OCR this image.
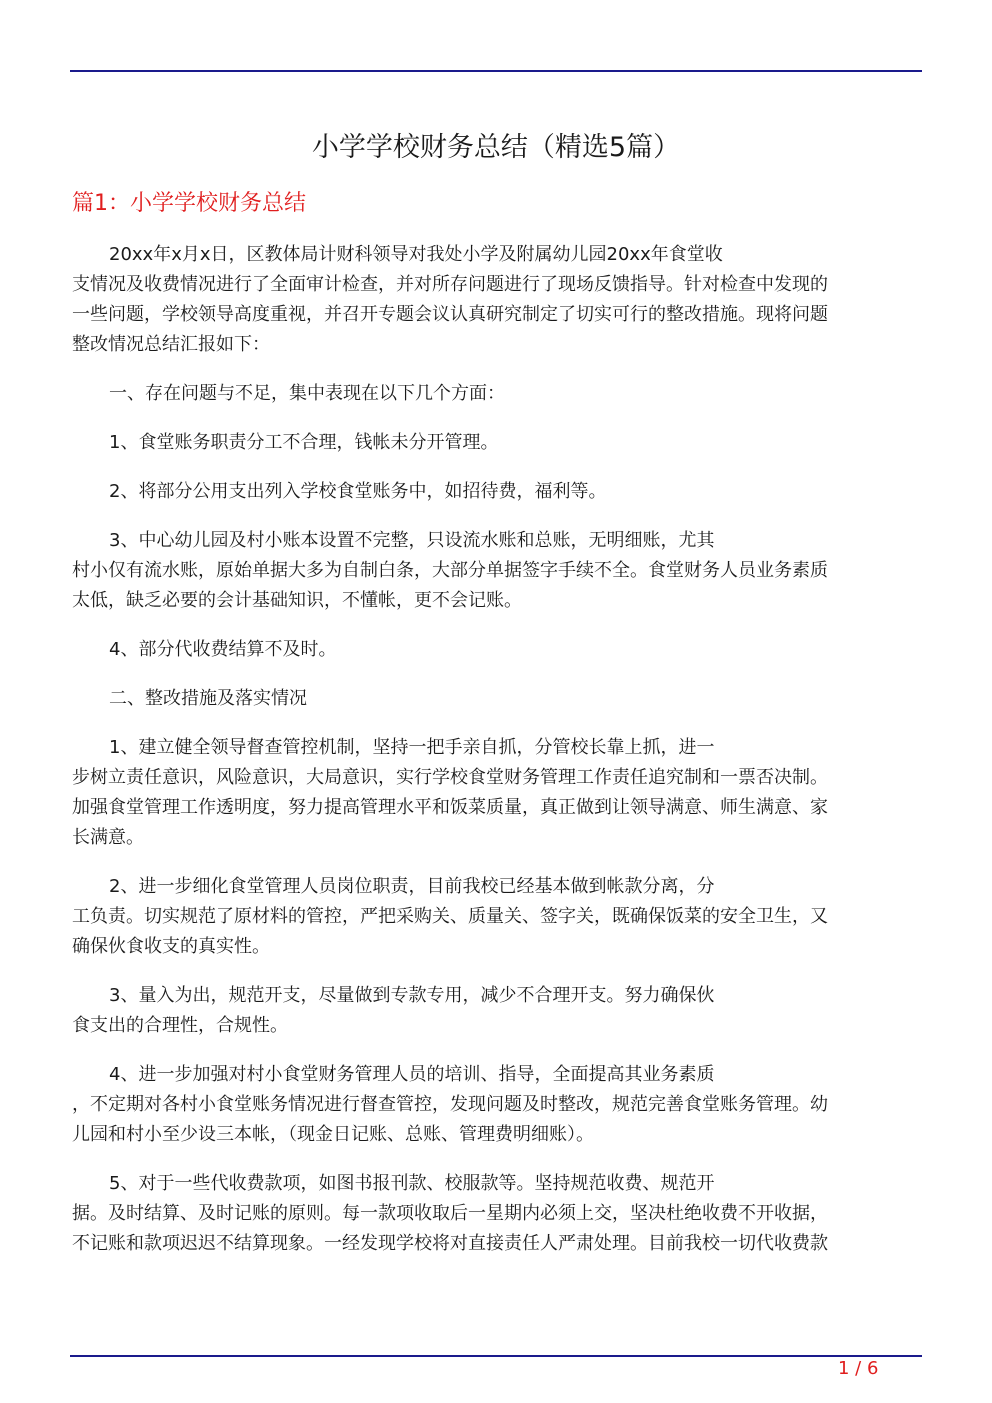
小学学校财务总结（精选5篇）
篇1：小学学校财务总结
20xx年x月x日，区教体局计财科领导对我处小学及附属幼儿园20xx年食堂收
支情况及收费情况进行了全面审计检查，并对所存问题进行了现场反馈指导。针对检查中发现的
一些问题，学校领导高度重视，并召开专题会议认真研究制定了切实可行的整改措施。现将问题
整改情况总结汇报如下：
一、存在问题与不足，集中表现在以下几个方面：
1、食堂账务职责分工不合理，钱帐未分开管理。
2、将部分公用支出列入学校食堂账务中，如招待费，福利等。
3、中心幼儿园及村小账本设置不完整，只设流水账和总账，无明细账，尤其
村小仅有流水账，原始单据大多为自制白条，大部分单据签字手续不全。食堂财务人员业务素质
太低，缺乏必要的会计基础知识，不懂帐，更不会记账。
4、部分代收费结算不及时。
二、整改措施及落实情况
1、建立健全领导督查管控机制，坚持一把手亲自抓，分管校长靠上抓，进一
步树立责任意识，风险意识，大局意识，实行学校食堂财务管理工作责任追究制和一票否决制。
加强食堂管理工作透明度，努力提高管理水平和饭菜质量，真正做到让领导满意、师生满意、家
长满意。
2、进一步细化食堂管理人员岗位职责，目前我校已经基本做到帐款分离，分
工负责。切实规范了原材料的管控，严把采购关、质量关、签字关，既确保饭菜的安全卫生，又
确保伙食收支的真实性。
3、量入为出，规范开支，尽量做到专款专用，减少不合理开支。努力确保伙
食支出的合理性，合规性。
4、进一步加强对村小食堂财务管理人员的培训、指导，全面提高其业务素质
，不定期对各村小食堂账务情况进行督查管控，发现问题及时整改，规范完善食堂账务管理。幼
儿园和村小至少设三本帐，（现金日记账、总账、管理费明细账）。
5、对于一些代收费款项，如图书报刊款、校服款等。坚持规范收费、规范开
据。及时结算、及时记账的原则。每一款项收取后一星期内必须上交，坚决杜绝收费不开收据，
不记账和款项迟迟不结算现象。一经发现学校将对直接责任人严肃处理。目前我校一切代收费款
1 / 6
